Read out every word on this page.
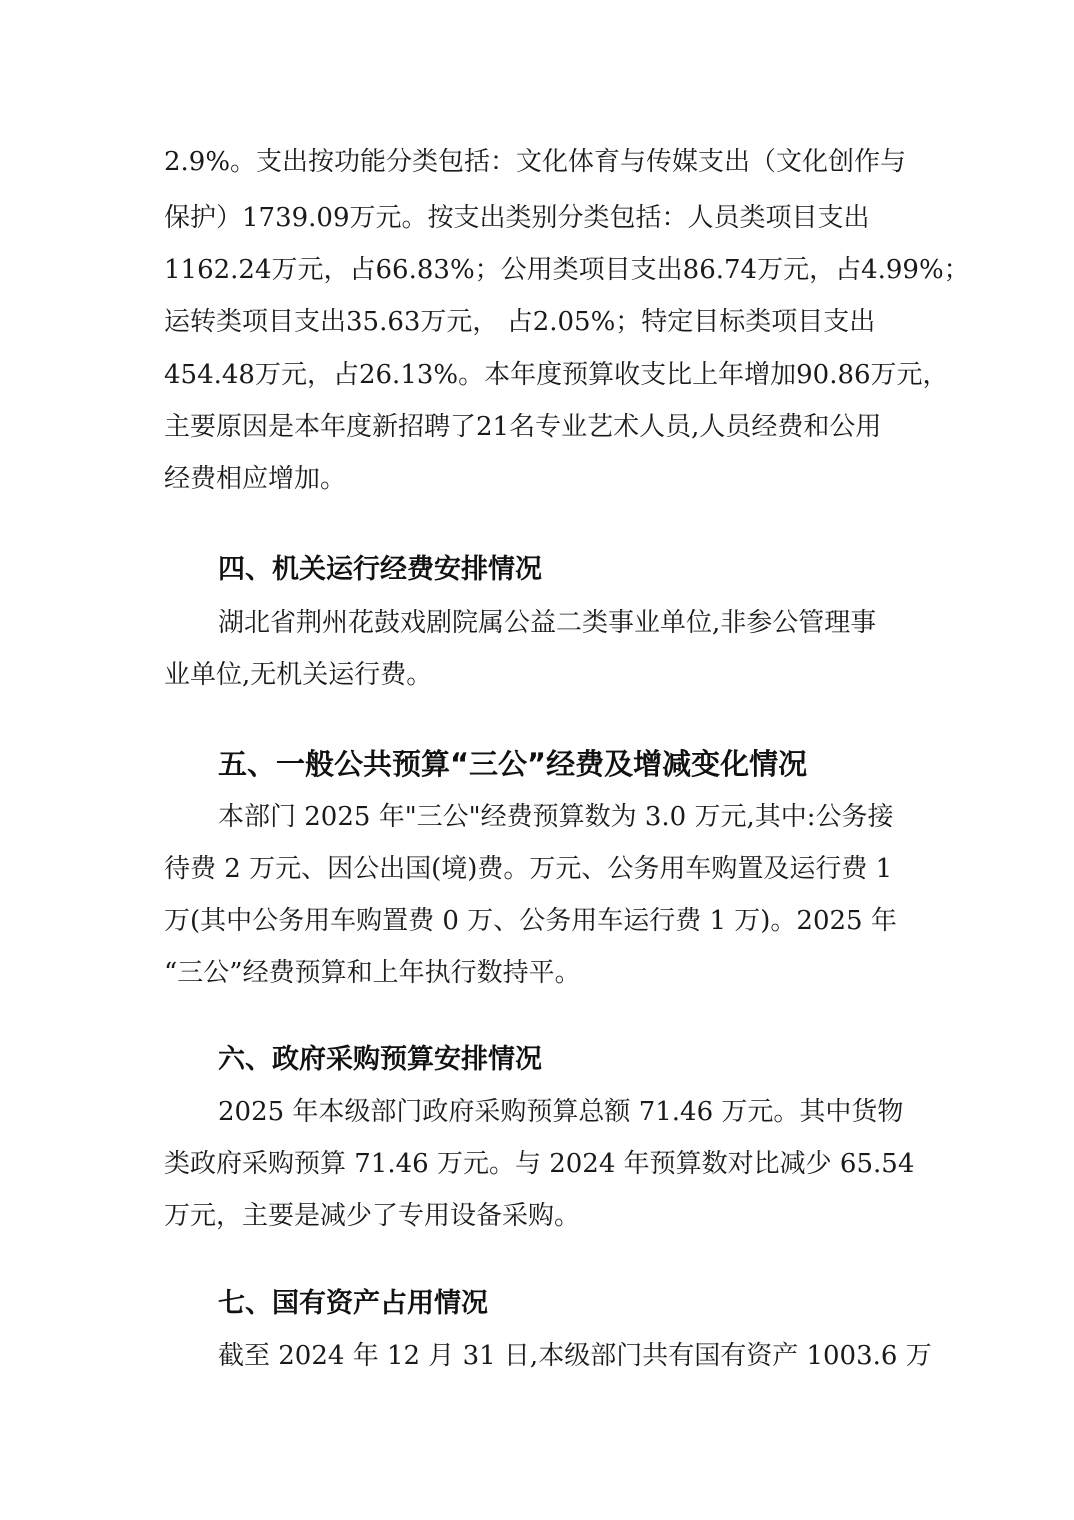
2.9%。支出按功能分类包括：文化体育与传媒支出（文化创作与
保护）1739.09万元。按支出类别分类包括：人员类项目支出
1162.24万元，占66.83%；公用类项目支出86.74万元，占4.99%；
运转类项目支出35.63万元， 占2.05%；特定目标类项目支出
454.48万元，占26.13%。本年度预算收支比上年增加90.86万元，
主要原因是本年度新招聘了21名专业艺术人员,人员经费和公用
经费相应增加。
四、机关运行经费安排情况
湖北省荆州花鼓戏剧院属公益二类事业单位,非参公管理事
业单位,无机关运行费。
五、一般公共预算“三公”经费及增减变化情况
本部门 2025 年"三公"经费预算数为 3.0 万元,其中:公务接
待费 2 万元、因公出国(境)费。万元、公务用车购置及运行费 1
万(其中公务用车购置费 0 万、公务用车运行费 1 万)。2025 年
“三公”经费预算和上年执行数持平。
六、政府采购预算安排情况
2025 年本级部门政府采购预算总额 71.46 万元。其中货物
类政府采购预算 71.46 万元。与 2024 年预算数对比减少 65.54
万元，主要是减少了专用设备采购。
七、国有资产占用情况
截至 2024 年 12 月 31 日,本级部门共有国有资产 1003.6 万
